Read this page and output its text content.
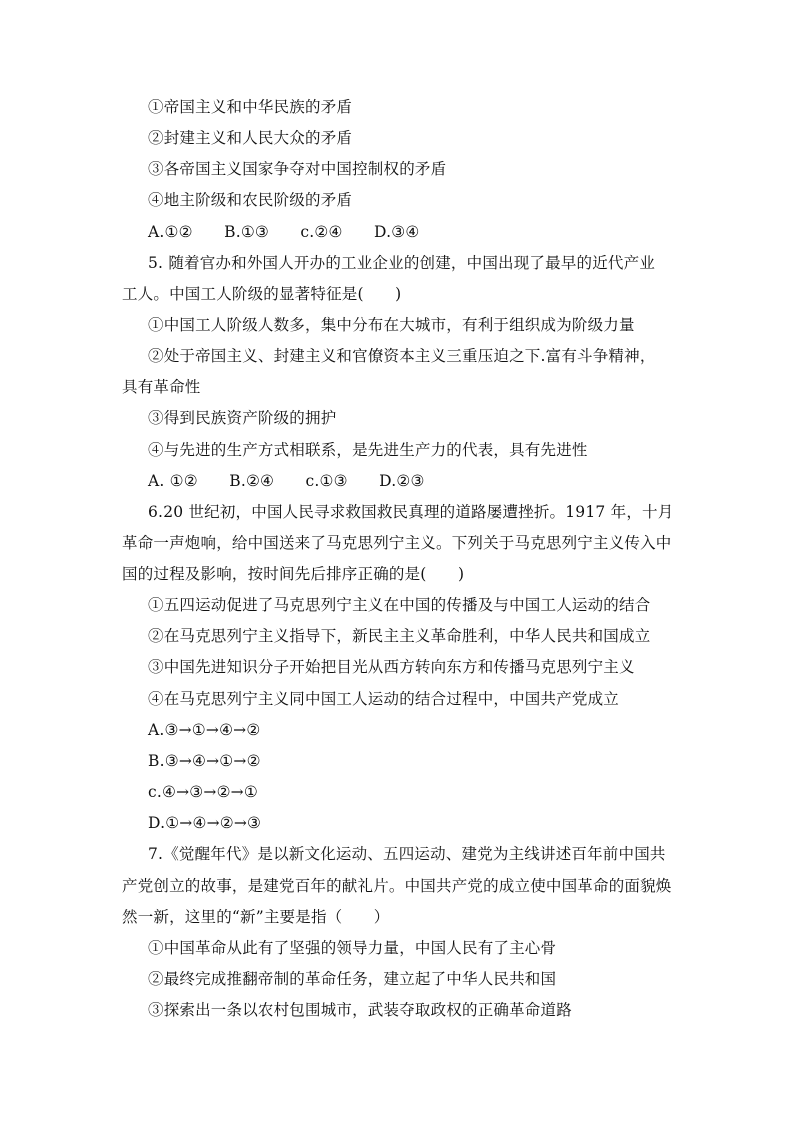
①帝国主义和中华民族的矛盾
②封建主义和人民大众的矛盾
③各帝国主义国家争夺对中国控制权的矛盾
④地主阶级和农民阶级的矛盾
A.①②　　B.①③　　c.②④　　D.③④
5. 随着官办和外国人开办的工业企业的创建，中国出现了最早的近代产业
工人。中国工人阶级的显著特征是(　　)
①中国工人阶级人数多，集中分布在大城市，有利于组织成为阶级力量
②处于帝国主义、封建主义和官僚资本主义三重压迫之下.富有斗争精神，
具有革命性
③得到民族资产阶级的拥护
④与先进的生产方式相联系，是先进生产力的代表，具有先进性
A. ①②　　B.②④　　c.①③　　D.②③
6.20 世纪初，中国人民寻求救国救民真理的道路屡遭挫折。1917 年，十月
革命一声炮响，给中国送来了马克思列宁主义。下列关于马克思列宁主义传入中
国的过程及影响，按时间先后排序正确的是(　　)
①五四运动促进了马克思列宁主义在中国的传播及与中国工人运动的结合
②在马克思列宁主义指导下，新民主主义革命胜利，中华人民共和国成立
③中国先进知识分子开始把目光从西方转向东方和传播马克思列宁主义
④在马克思列宁主义同中国工人运动的结合过程中，中国共产党成立
A.③→①→④→②
B.③→④→①→②
c.④→③→②→①
D.①→④→②→③
7.《觉醒年代》是以新文化运动、五四运动、建党为主线讲述百年前中国共
产党创立的故事，是建党百年的献礼片。中国共产党的成立使中国革命的面貌焕
然一新，这里的“新”主要是指（　　）
①中国革命从此有了坚强的领导力量，中国人民有了主心骨
②最终完成推翻帝制的革命任务，建立起了中华人民共和国
③探索出一条以农村包围城市，武装夺取政权的正确革命道路
